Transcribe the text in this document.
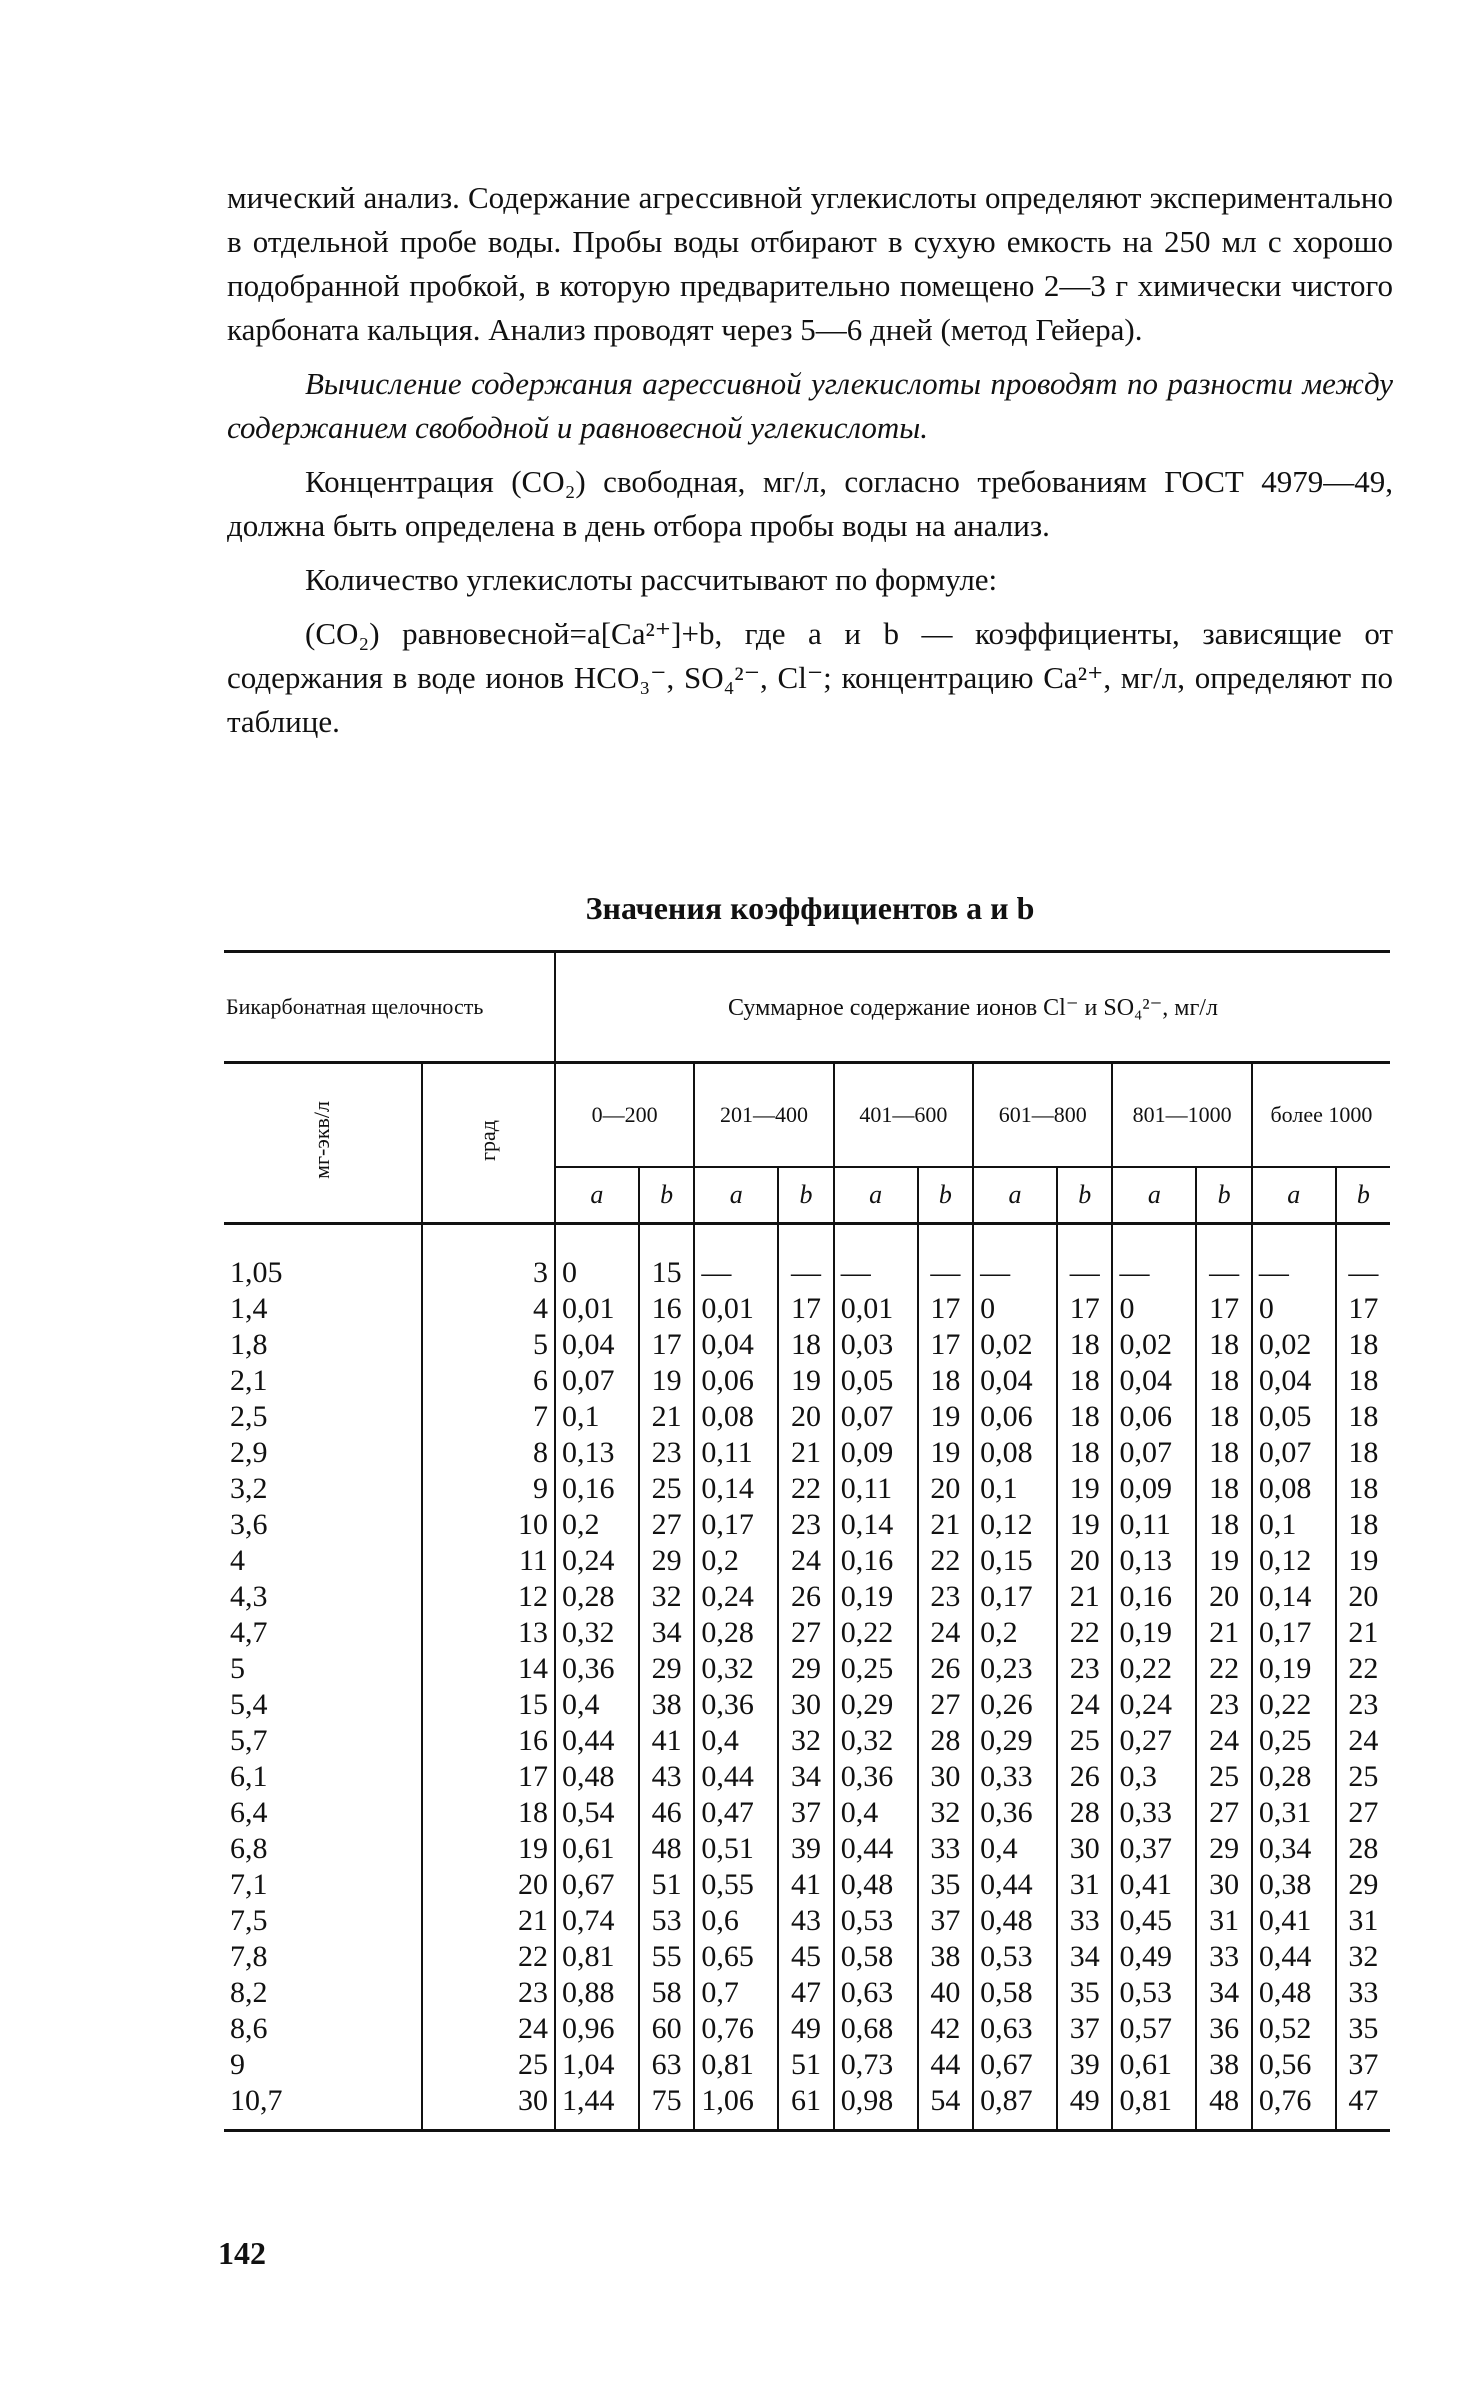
мический анализ. Содержание агрессивной углекислоты определяют экспериментально в отдельной пробе воды. Пробы воды отбирают в сухую емкость на 250 мл с хорошо подобранной пробкой, в которую предварительно помещено 2—3 г химически чистого карбоната кальция. Анализ проводят через 5—6 дней (метод Гейера).

Вычисление содержания агрессивной углекислоты проводят по разности между содержанием свободной и равновесной углекислоты.

Концентрация (CO₂) свободная, мг/л, согласно требованиям ГОСТ 4979—49, должна быть определена в день отбора пробы воды на анализ.

Количество углекислоты рассчитывают по формуле:

(CO₂) равновесной=a[Ca²⁺]+b, где a и b — коэффициенты, зависящие от содержания в воде ионов HCO₃⁻, SO₄²⁻, Cl⁻; концентрацию Ca²⁺, мг/л, определяют по таблице.

Значения коэффициентов a и b
Бикарбонатная щелочность		Суммарное содержание ионов Cl⁻ и SO₄²⁻, мг/л											
мг-экв/л	град	0—200		201—400		401—600		601—800		801—1000		более 1000	
		a	b	a	b	a	b	a	b	a	b	a	b
1,05	3	0	15	—	—	—	—	—	—	—	—	—	—
1,4	4	0,01	16	0,01	17	0,01	17	0	17	0	17	0	17
1,8	5	0,04	17	0,04	18	0,03	17	0,02	18	0,02	18	0,02	18
2,1	6	0,07	19	0,06	19	0,05	18	0,04	18	0,04	18	0,04	18
2,5	7	0,1	21	0,08	20	0,07	19	0,06	18	0,06	18	0,05	18
2,9	8	0,13	23	0,11	21	0,09	19	0,08	18	0,07	18	0,07	18
3,2	9	0,16	25	0,14	22	0,11	20	0,1	19	0,09	18	0,08	18
3,6	10	0,2	27	0,17	23	0,14	21	0,12	19	0,11	18	0,1	18
4	11	0,24	29	0,2	24	0,16	22	0,15	20	0,13	19	0,12	19
4,3	12	0,28	32	0,24	26	0,19	23	0,17	21	0,16	20	0,14	20
4,7	13	0,32	34	0,28	27	0,22	24	0,2	22	0,19	21	0,17	21
5	14	0,36	29	0,32	29	0,25	26	0,23	23	0,22	22	0,19	22
5,4	15	0,4	38	0,36	30	0,29	27	0,26	24	0,24	23	0,22	23
5,7	16	0,44	41	0,4	32	0,32	28	0,29	25	0,27	24	0,25	24
6,1	17	0,48	43	0,44	34	0,36	30	0,33	26	0,3	25	0,28	25
6,4	18	0,54	46	0,47	37	0,4	32	0,36	28	0,33	27	0,31	27
6,8	19	0,61	48	0,51	39	0,44	33	0,4	30	0,37	29	0,34	28
7,1	20	0,67	51	0,55	41	0,48	35	0,44	31	0,41	30	0,38	29
7,5	21	0,74	53	0,6	43	0,53	37	0,48	33	0,45	31	0,41	31
7,8	22	0,81	55	0,65	45	0,58	38	0,53	34	0,49	33	0,44	32
8,2	23	0,88	58	0,7	47	0,63	40	0,58	35	0,53	34	0,48	33
8,6	24	0,96	60	0,76	49	0,68	42	0,63	37	0,57	36	0,52	35
9	25	1,04	63	0,81	51	0,73	44	0,67	39	0,61	38	0,56	37
10,7	30	1,44	75	1,06	61	0,98	54	0,87	49	0,81	48	0,76	47
142
